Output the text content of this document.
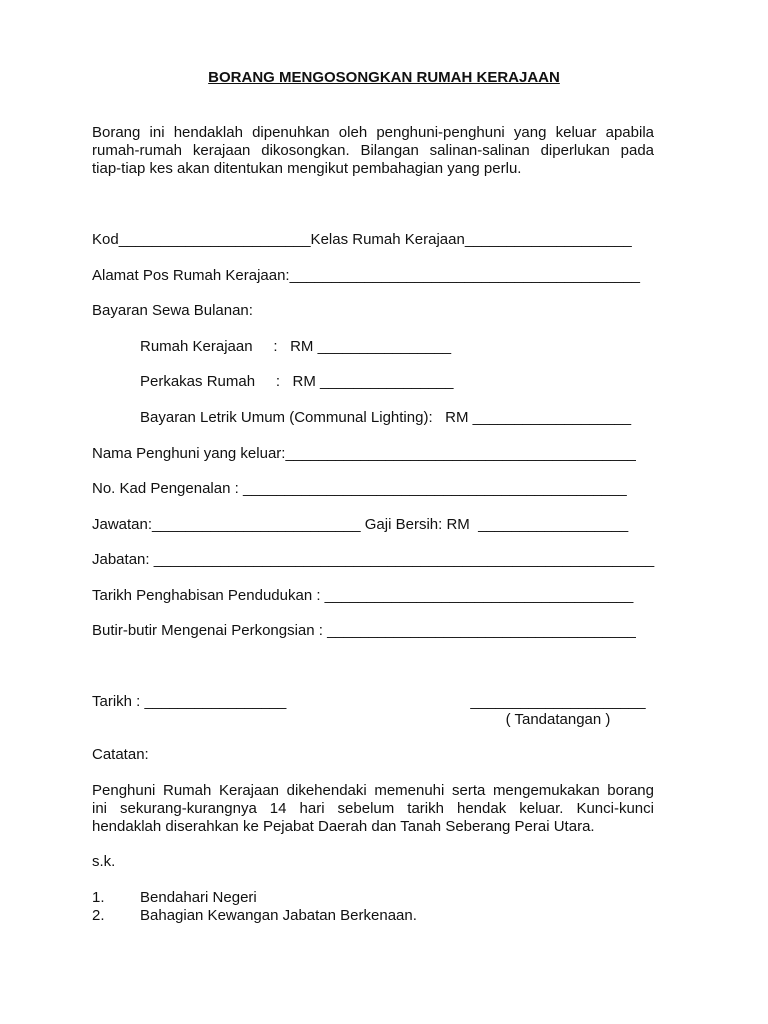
BORANG MENGOSONGKAN RUMAH KERAJAAN
Borang ini hendaklah dipenuhkan oleh penghuni-penghuni yang keluar apabila
rumah-rumah kerajaan dikosongkan. Bilangan salinan-salinan diperlukan pada
tiap-tiap kes akan ditentukan mengikut pembahagian yang perlu.
Kod_______________________Kelas Rumah Kerajaan____________________
Alamat Pos Rumah Kerajaan:__________________________________________
Bayaran Sewa Bulanan:
Rumah Kerajaan     :   RM ________________
Perkakas Rumah     :   RM ________________
Bayaran Letrik Umum (Communal Lighting):   RM ___________________
Nama Penghuni yang keluar:__________________________________________
No. Kad Pengenalan : ______________________________________________
Jawatan:_________________________ Gaji Bersih: RM  __________________
Jabatan: ____________________________________________________________
Tarikh Penghabisan Pendudukan : _____________________________________
Butir-butir Mengenai Perkongsian : _____________________________________
Tarikh : _________________	_____________________
( Tandatangan )
Catatan:
Penghuni Rumah Kerajaan dikehendaki memenuhi serta mengemukakan borang
ini sekurang-kurangnya 14 hari sebelum tarikh hendak keluar. Kunci-kunci
hendaklah diserahkan ke Pejabat Daerah dan Tanah Seberang Perai Utara.
s.k.
1. Bendahari Negeri
2. Bahagian Kewangan Jabatan Berkenaan.
